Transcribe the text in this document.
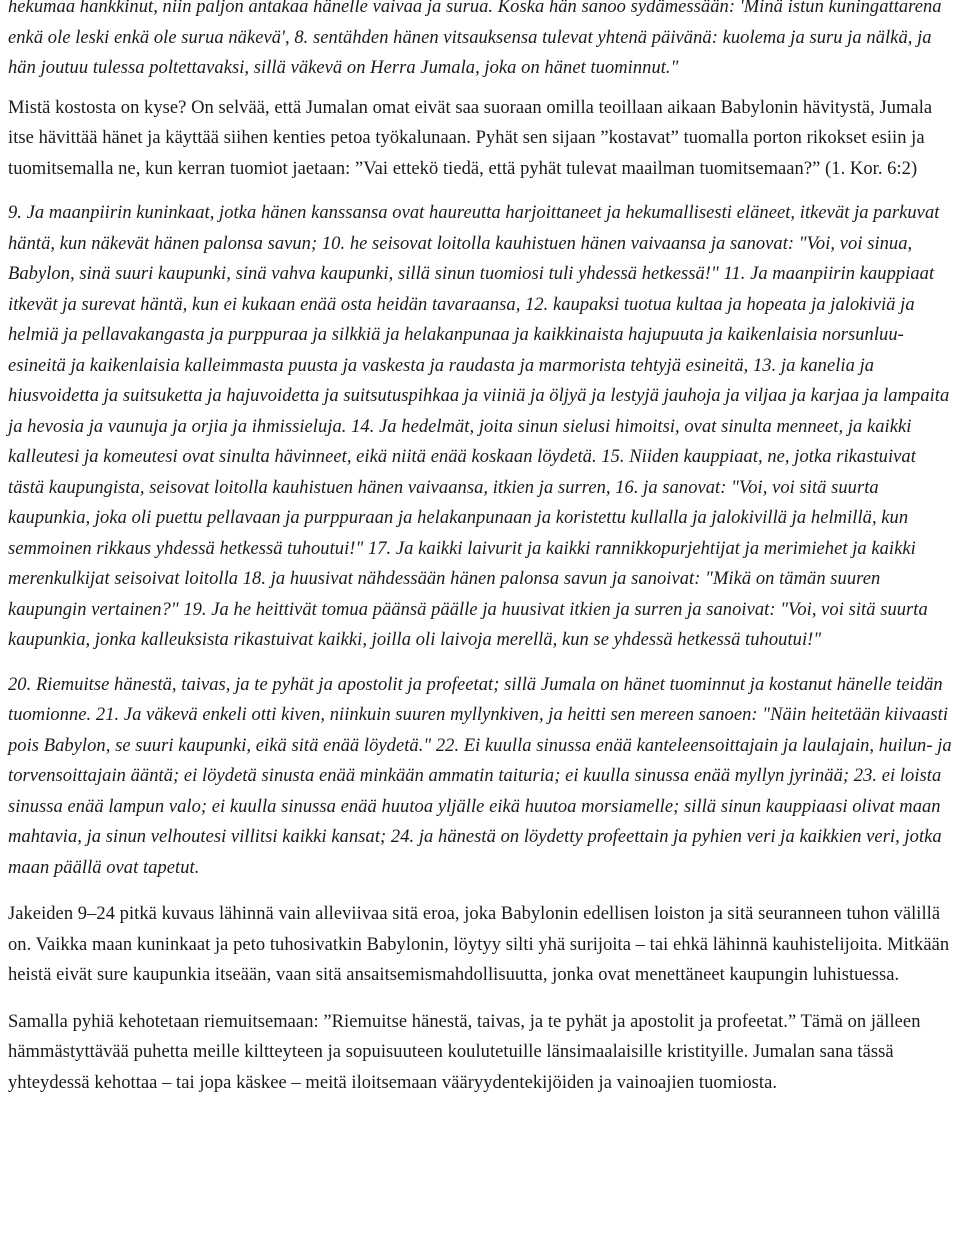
hekumaa hankkinut, niin paljon antakaa hänelle vaivaa ja surua. Koska hän sanoo sydämessään: 'Minä istun kuningattarena enkä ole leski enkä ole surua näkevä', 8. sentähden hänen vitsauksensa tulevat yhtenä päivänä: kuolema ja suru ja nälkä, ja hän joutuu tulessa poltettavaksi, sillä väkevä on Herra Jumala, joka on hänet tuominnut."

Mistä kostosta on kyse? On selvää, että Jumalan omat eivät saa suoraan omilla teoillaan aikaan Babylonin hävitystä, Jumala itse hävittää hänet ja käyttää siihen kenties petoa työkalunaan. Pyhät sen sijaan ”kostavat” tuomalla porton rikokset esiin ja tuomitsemalla ne, kun kerran tuomiot jaetaan: ”Vai ettekö tiedä, että pyhät tulevat maailman tuomitsemaan?” (1. Kor. 6:2)

9. Ja maanpiirin kuninkaat, jotka hänen kanssansa ovat haureutta harjoittaneet ja hekumallisesti eläneet, itkevät ja parkuvat häntä, kun näkevät hänen palonsa savun; 10. he seisovat loitolla kauhistuen hänen vaivaansa ja sanovat: "Voi, voi sinua, Babylon, sinä suuri kaupunki, sinä vahva kaupunki, sillä sinun tuomiosi tuli yhdessä hetkessä!" 11. Ja maanpiirin kauppiaat itkevät ja surevat häntä, kun ei kukaan enää osta heidän tavaraansa, 12. kaupaksi tuotua kultaa ja hopeata ja jalokiviä ja helmiä ja pellavakangasta ja purppuraa ja silkkiä ja helakanpunaa ja kaikkinaista hajupuuta ja kaikenlaisia norsunluu-esineitä ja kaikenlaisia kalleimmasta puusta ja vaskesta ja raudasta ja marmorista tehtyjä esineitä, 13. ja kanelia ja hiusvoidetta ja suitsuketta ja hajuvoidetta ja suitsutuspihkaa ja viiniä ja öljyä ja lestyjä jauhoja ja viljaa ja karjaa ja lampaita ja hevosia ja vaunuja ja orjia ja ihmissieluja. 14. Ja hedelmät, joita sinun sielusi himoitsi, ovat sinulta menneet, ja kaikki kalleutesi ja komeutesi ovat sinulta hävinneet, eikä niitä enää koskaan löydetä. 15. Niiden kauppiaat, ne, jotka rikastuivat tästä kaupungista, seisovat loitolla kauhistuen hänen vaivaansa, itkien ja surren, 16. ja sanovat: "Voi, voi sitä suurta kaupunkia, joka oli puettu pellavaan ja purppuraan ja helakanpunaan ja koristettu kullalla ja jalokivillä ja helmillä, kun semmoinen rikkaus yhdessä hetkessä tuhoutui!" 17. Ja kaikki laivurit ja kaikki rannikkopurjehtijat ja merimiehet ja kaikki merenkulkijat seisoivat loitolla 18. ja huusivat nähdessään hänen palonsa savun ja sanoivat: "Mikä on tämän suuren kaupungin vertainen?" 19. Ja he heittivät tomua päänsä päälle ja huusivat itkien ja surren ja sanoivat: "Voi, voi sitä suurta kaupunkia, jonka kalleuksista rikastuivat kaikki, joilla oli laivoja merellä, kun se yhdessä hetkessä tuhoutui!"

20. Riemuitse hänestä, taivas, ja te pyhät ja apostolit ja profeetat; sillä Jumala on hänet tuominnut ja kostanut hänelle teidän tuomionne. 21. Ja väkevä enkeli otti kiven, niinkuin suuren myllynkiven, ja heitti sen mereen sanoen: "Näin heitetään kiivaasti pois Babylon, se suuri kaupunki, eikä sitä enää löydetä." 22. Ei kuulla sinussa enää kanteleensoittajain ja laulajain, huilun- ja torvensoittajain ääntä; ei löydetä sinusta enää minkään ammatin taituria; ei kuulla sinussa enää myllyn jyrinää; 23. ei loista sinussa enää lampun valo; ei kuulla sinussa enää huutoa yljälle eikä huutoa morsiamelle; sillä sinun kauppiaasi olivat maan mahtavia, ja sinun velhoutesi villitsi kaikki kansat; 24. ja hänestä on löydetty profeettain ja pyhien veri ja kaikkien veri, jotka maan päällä ovat tapetut.

Jakeiden 9–24 pitkä kuvaus lähinnä vain alleviivaa sitä eroa, joka Babylonin edellisen loiston ja sitä seuranneen tuhon välillä on. Vaikka maan kuninkaat ja peto tuhosivatkin Babylonin, löytyy silti yhä surijoita – tai ehkä lähinnä kauhistelijoita. Mitkään heistä eivät sure kaupunkia itseään, vaan sitä ansaitsemismahdollisuutta, jonka ovat menettäneet kaupungin luhistuessa.

Samalla pyhiä kehotetaan riemuitsemaan: ”Riemuitse hänestä, taivas, ja te pyhät ja apostolit ja profeetat.” Tämä on jälleen hämmästyttävää puhetta meille kiltteyteen ja sopuisuuteen koulutetuille länsimaalaisille kristityille. Jumalan sana tässä yhteydessä kehottaa – tai jopa käskee – meitä iloitsemaan vääryydentekijöiden ja vainoajien tuomiosta.
